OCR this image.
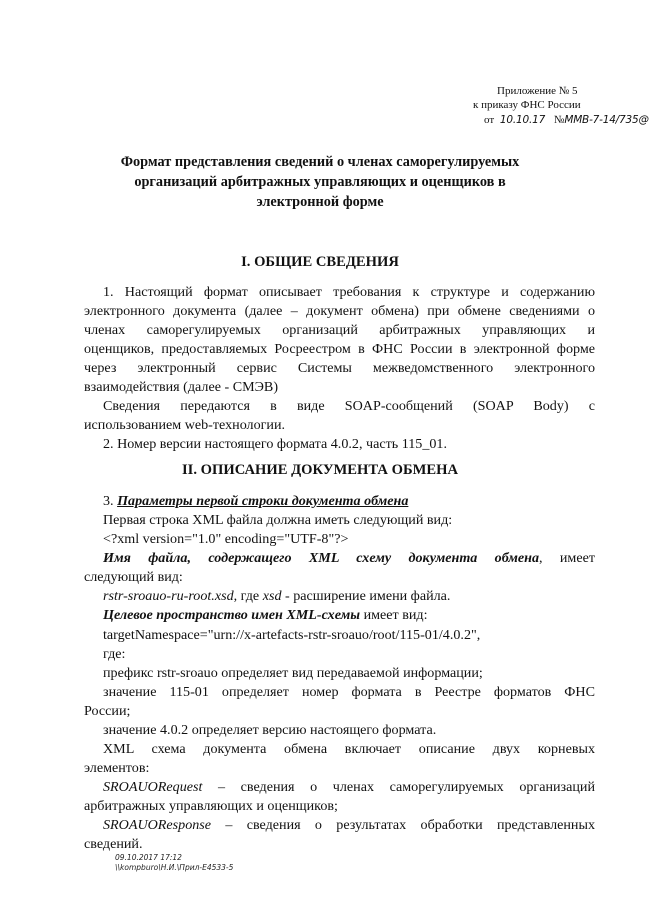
Приложение № 5
к приказу ФНС России
от 10.10.17 №ММВ-7-14/735@
Формат представления сведений о членах саморегулируемых
организаций арбитражных управляющих и оценщиков в
электронной форме
I. ОБЩИЕ СВЕДЕНИЯ
1. Настоящий формат описывает требования к структуре и содержанию
электронного документа (далее – документ обмена) при обмене сведениями о
членах саморегулируемых организаций арбитражных управляющих и
оценщиков, предоставляемых Росреестром в ФНС России в электронной форме
через электронный сервис Системы межведомственного электронного
взаимодействия (далее - СМЭВ)
Сведения передаются в виде SOAP-сообщений (SOAP Body) с
использованием web-технологии.
2. Номер версии настоящего формата 4.0.2, часть 115_01.
II. ОПИСАНИЕ ДОКУМЕНТА ОБМЕНА
3. Параметры первой строки документа обмена
Первая строка XML файла должна иметь следующий вид:
<?xml version="1.0" encoding="UTF-8"?>
Имя файла, содержащего XML схему документа обмена, имеет
следующий вид:
rstr-sroauo-ru-root.xsd, где xsd - расширение имени файла.
Целевое пространство имен XML-схемы имеет вид:
targetNamespace="urn://x-artefacts-rstr-sroauo/root/115-01/4.0.2",
где:
префикс rstr-sroauo определяет вид передаваемой информации;
значение 115-01 определяет номер формата в Реестре форматов ФНС
России;
значение 4.0.2 определяет версию настоящего формата.
XML схема документа обмена включает описание двух корневых
элементов:
SROAUORequest – сведения о членах саморегулируемых организаций
арбитражных управляющих и оценщиков;
SROAUOResponse – сведения о результатах обработки представленных
сведений.
09.10.2017 17:12
\\kompburo\Н.И.\Прил-Е4533-5
